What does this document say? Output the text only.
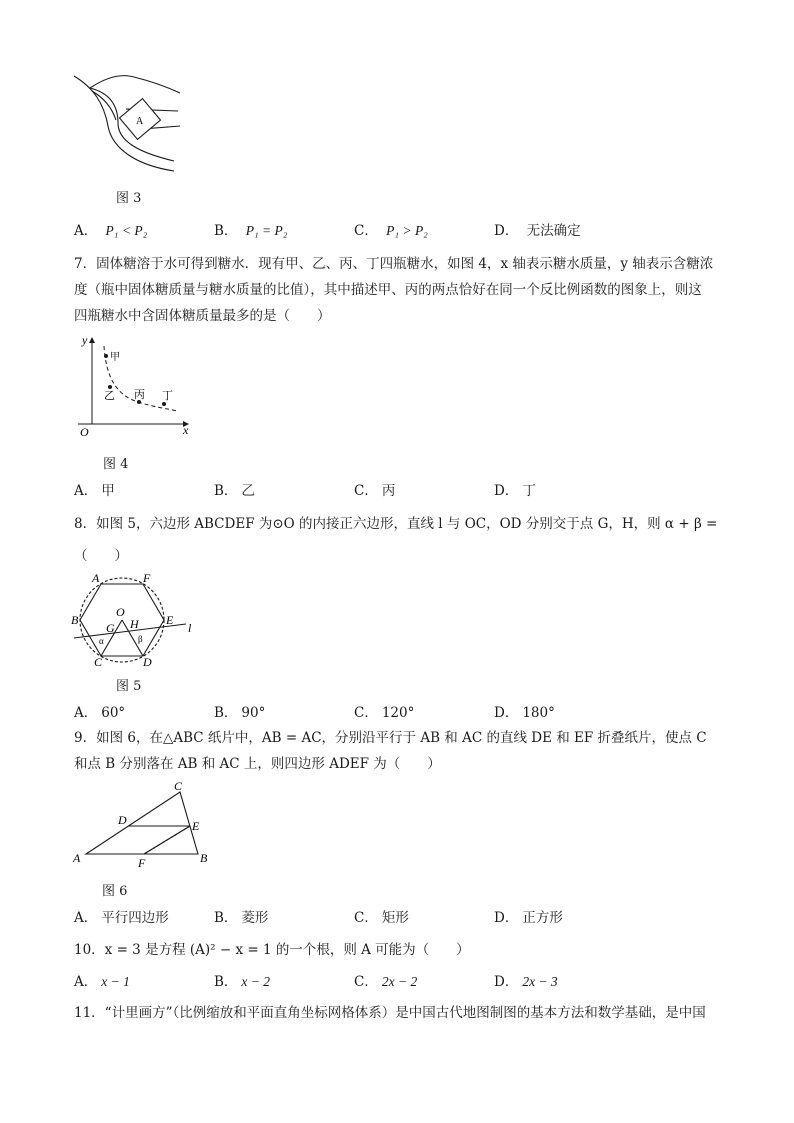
A
图 3
A． P₁ < P₂	B． P₁ = P₂	C． P₁ > P₂	D． 无法确定
7．固体糖溶于水可得到糖水．现有甲、乙、丙、丁四瓶糖水，如图 4，x 轴表示糖水质量，y 轴表示含糖浓
度（瓶中固体糖质量与糖水质量的比值），其中描述甲、丙的两点恰好在同一个反比例函数的图象上，则这
四瓶糖水中含固体糖质量最多的是（　　）
y
x
O
甲
乙 丙 丁
图 4
A． 甲	B． 乙	C． 丙	D． 丁
8．如图 5，六边形 ABCDEF 为⊙O 的内接正六边形，直线 l 与 OC，OD 分别交于点 G，H，则 α + β =
（　　）
A	F
B	E
C	D
O
G H	l
α	β
图 5
A． 60°	B． 90°	C． 120°	D． 180°
9．如图 6，在△ABC 纸片中，AB = AC，分别沿平行于 AB 和 AC 的直线 DE 和 EF 折叠纸片，使点 C
和点 B 分别落在 AB 和 AC 上，则四边形 ADEF 为（　　）
C
D	E
A	F	B
图 6
A． 平行四边形	B． 菱形	C． 矩形	D． 正方形
10．x = 3 是方程 (A)² − x = 1 的一个根，则 A 可能为（　　）
A． x − 1	B． x − 2	C． 2x − 2	D． 2x − 3
11．“计里画方”（比例缩放和平面直角坐标网格体系）是中国古代地图制图的基本方法和数学基础，是中国
